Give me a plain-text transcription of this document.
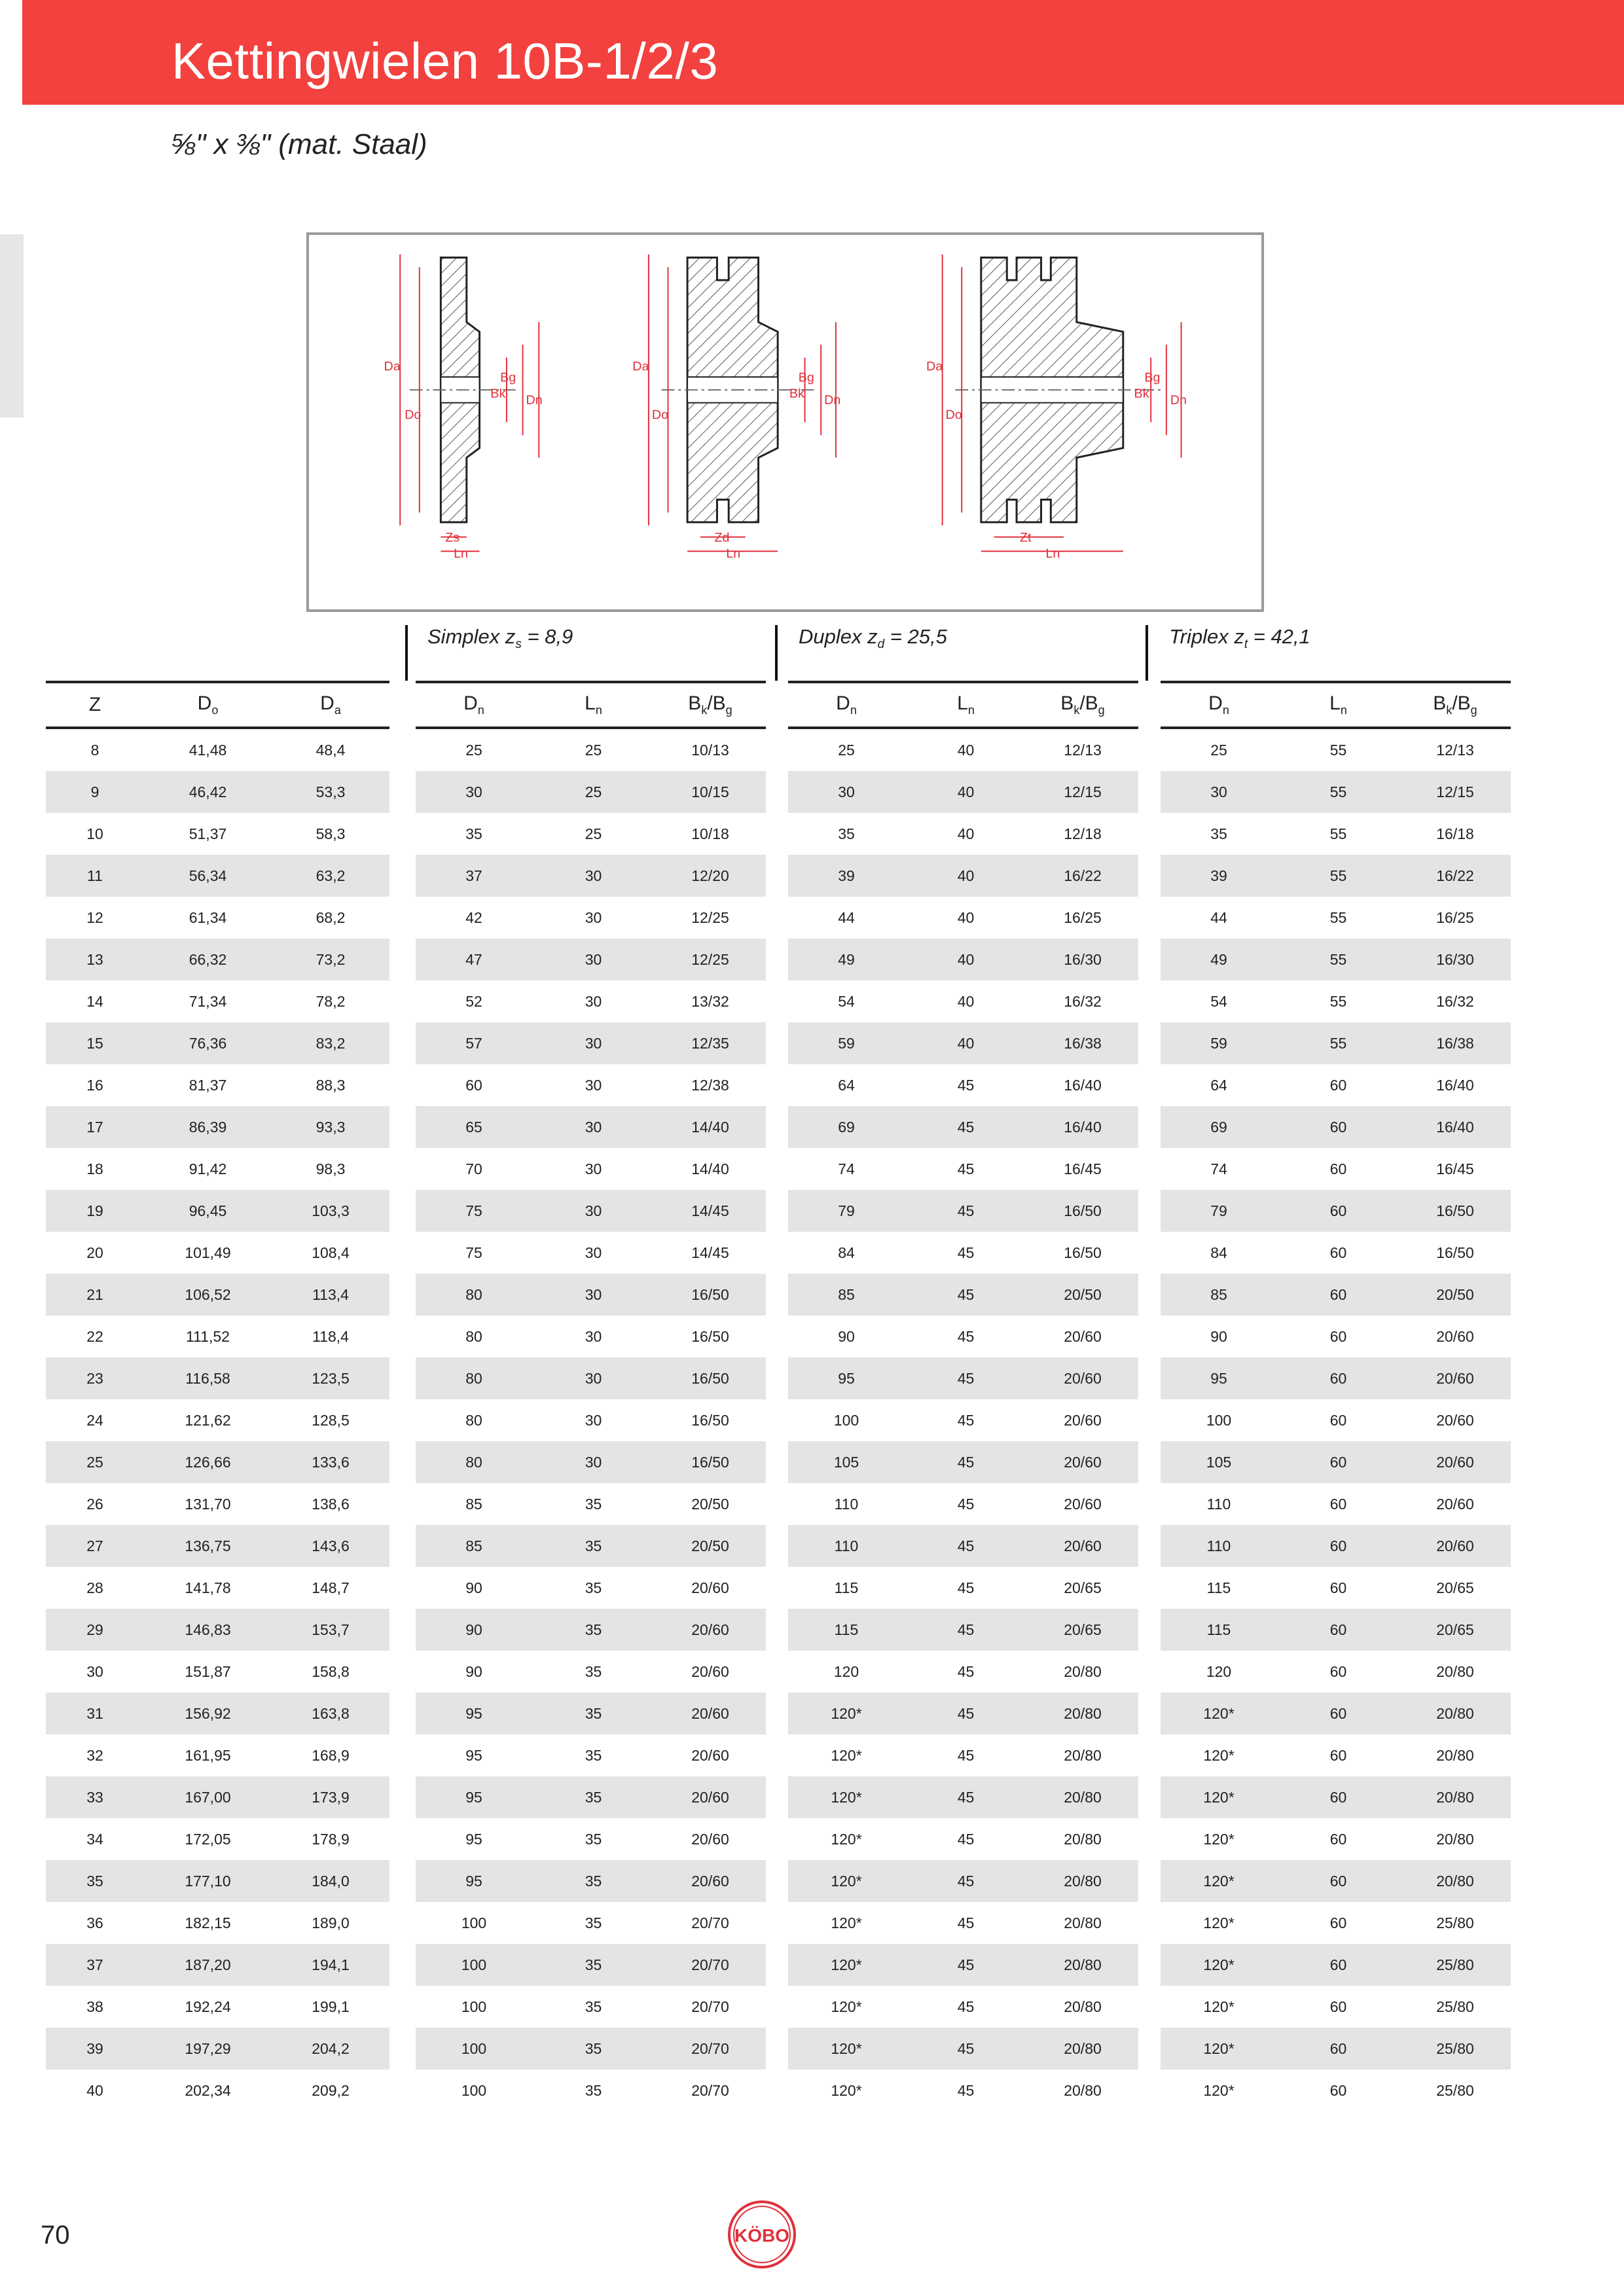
Kettingwielen 10B-1/2/3
⅝" x ⅜" (mat. Staal)
Da
Do
Bk
Bg
Dn
Zs
Ln
Da
Do
Bk
Bg
Dn
Zd
Ln
Da
Do
Bk
Bg
Dn
Zt
Ln
Simplex $z_s = 8,9$	Duplex $z_d = 25,5$	Triplex $z_t = 42,1$
Z	$D_o$	$D_a$		$D_n$	$L_n$	$B_k/B_g$		$D_n$	$L_n$	$B_k/B_g$		$D_n$	$L_n$	$B_k/B_g$
8	41,48	48,4		25	25	10/13		25	40	12/13		25	55	12/13
9	46,42	53,3		30	25	10/15		30	40	12/15		30	55	12/15
10	51,37	58,3		35	25	10/18		35	40	12/18		35	55	16/18
11	56,34	63,2		37	30	12/20		39	40	16/22		39	55	16/22
12	61,34	68,2		42	30	12/25		44	40	16/25		44	55	16/25
13	66,32	73,2		47	30	12/25		49	40	16/30		49	55	16/30
14	71,34	78,2		52	30	13/32		54	40	16/32		54	55	16/32
15	76,36	83,2		57	30	12/35		59	40	16/38		59	55	16/38
16	81,37	88,3		60	30	12/38		64	45	16/40		64	60	16/40
17	86,39	93,3		65	30	14/40		69	45	16/40		69	60	16/40
18	91,42	98,3		70	30	14/40		74	45	16/45		74	60	16/45
19	96,45	103,3		75	30	14/45		79	45	16/50		79	60	16/50
20	101,49	108,4		75	30	14/45		84	45	16/50		84	60	16/50
21	106,52	113,4		80	30	16/50		85	45	20/50		85	60	20/50
22	111,52	118,4		80	30	16/50		90	45	20/60		90	60	20/60
23	116,58	123,5		80	30	16/50		95	45	20/60		95	60	20/60
24	121,62	128,5		80	30	16/50		100	45	20/60		100	60	20/60
25	126,66	133,6		80	30	16/50		105	45	20/60		105	60	20/60
26	131,70	138,6		85	35	20/50		110	45	20/60		110	60	20/60
27	136,75	143,6		85	35	20/50		110	45	20/60		110	60	20/60
28	141,78	148,7		90	35	20/60		115	45	20/65		115	60	20/65
29	146,83	153,7		90	35	20/60		115	45	20/65		115	60	20/65
30	151,87	158,8		90	35	20/60		120	45	20/80		120	60	20/80
31	156,92	163,8		95	35	20/60		120*	45	20/80		120*	60	20/80
32	161,95	168,9		95	35	20/60		120*	45	20/80		120*	60	20/80
33	167,00	173,9		95	35	20/60		120*	45	20/80		120*	60	20/80
34	172,05	178,9		95	35	20/60		120*	45	20/80		120*	60	20/80
35	177,10	184,0		95	35	20/60		120*	45	20/80		120*	60	20/80
36	182,15	189,0		100	35	20/70		120*	45	20/80		120*	60	25/80
37	187,20	194,1		100	35	20/70		120*	45	20/80		120*	60	25/80
38	192,24	199,1		100	35	20/70		120*	45	20/80		120*	60	25/80
39	197,29	204,2		100	35	20/70		120*	45	20/80		120*	60	25/80
40	202,34	209,2		100	35	20/70		120*	45	20/80		120*	60	25/80
70	KÖBO
